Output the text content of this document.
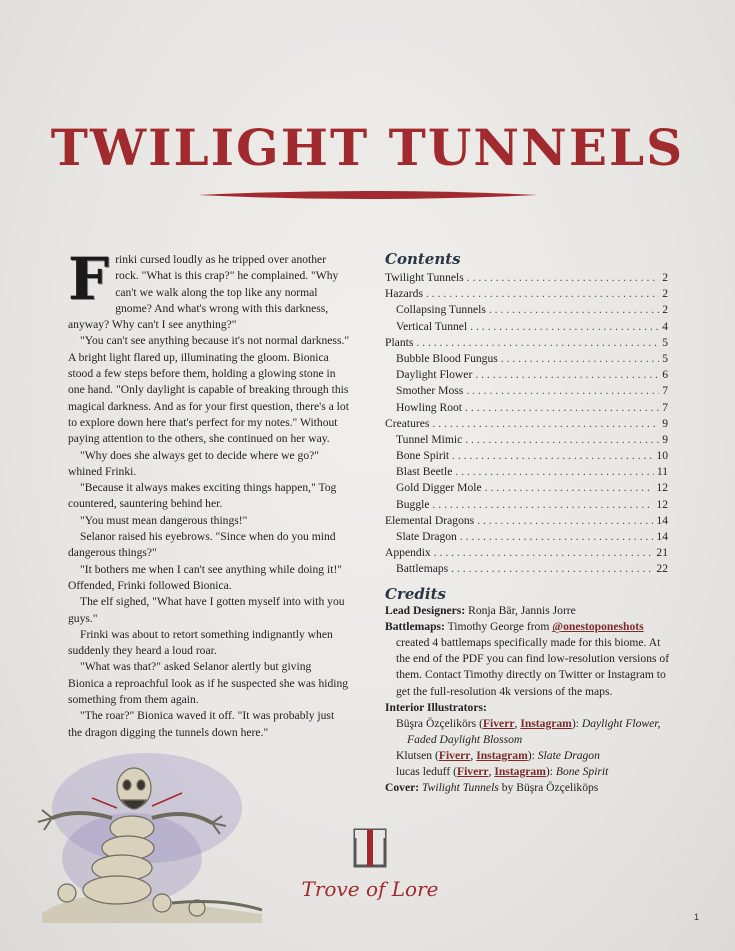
TWILIGHT TUNNELS

Frinki cursed loudly as he tripped over another rock. "What is this crap?" he complained. "Why can't we walk along the top like any normal gnome? And what's wrong with this darkness, anyway? Why can't I see anything?"

"You can't see anything because it's not normal darkness." A bright light flared up, illuminating the gloom. Bionica stood a few steps before them, holding a glowing stone in one hand. "Only daylight is capable of breaking through this magical darkness. And as for your first question, there's a lot to explore down here that's perfect for my notes." Without paying attention to the others, she continued on her way.

"Why does she always get to decide where we go?" whined Frinki.

"Because it always makes exciting things happen," Tog countered, sauntering behind her.

"You must mean dangerous things!"

Selanor raised his eyebrows. "Since when do you mind dangerous things?"

"It bothers me when I can't see anything while doing it!" Offended, Frinki followed Bionica.

The elf sighed, "What have I gotten myself into with you guys."

Frinki was about to retort something indignantly when suddenly they heard a loud roar.

"What was that?" asked Selanor alertly but giving Bionica a reproachful look as if he suspected she was hiding something from them again.

"The roar?" Bionica waved it off. "It was probably just the dragon digging the tunnels down here."

Contents
Twilight Tunnels . . .	2
Hazards . . .	2
Collapsing Tunnels . . .	2
Vertical Tunnel . . .	4
Plants . . .	5
Bubble Blood Fungus . . .	5
Daylight Flower . . .	6
Smother Moss . . .	7
Howling Root . . .	7
Creatures . . .	9
Tunnel Mimic . . .	9
Bone Spirit . . .	10
Blast Beetle . . .	11
Gold Digger Mole . . .	12
Buggle . . .	12
Elemental Dragons . . .	14
Slate Dragon . . .	14
Appendix . . .	21
Battlemaps . . .	22
Credits
Lead Designers: Ronja Bär, Jannis Jorre
Battlemaps: Timothy George from @onestoponeshots
created 4 battlemaps specifically made for this biome. At the end of the PDF you can find low-resolution versions of them. Contact Timothy directly on Twitter or Instagram to get the full-resolution 4k versions of the maps.
Interior Illustrators:
Büşra Özçelikörs (Fiverr, Instagram): Daylight Flower,
Faded Daylight Blossom
Klutsen (Fiverr, Instagram): Slate Dragon
lucas leduff (Fiverr, Instagram): Bone Spirit
Cover: Twilight Tunnels by Büşra Özçeliköрs
Trove of Lore
1
